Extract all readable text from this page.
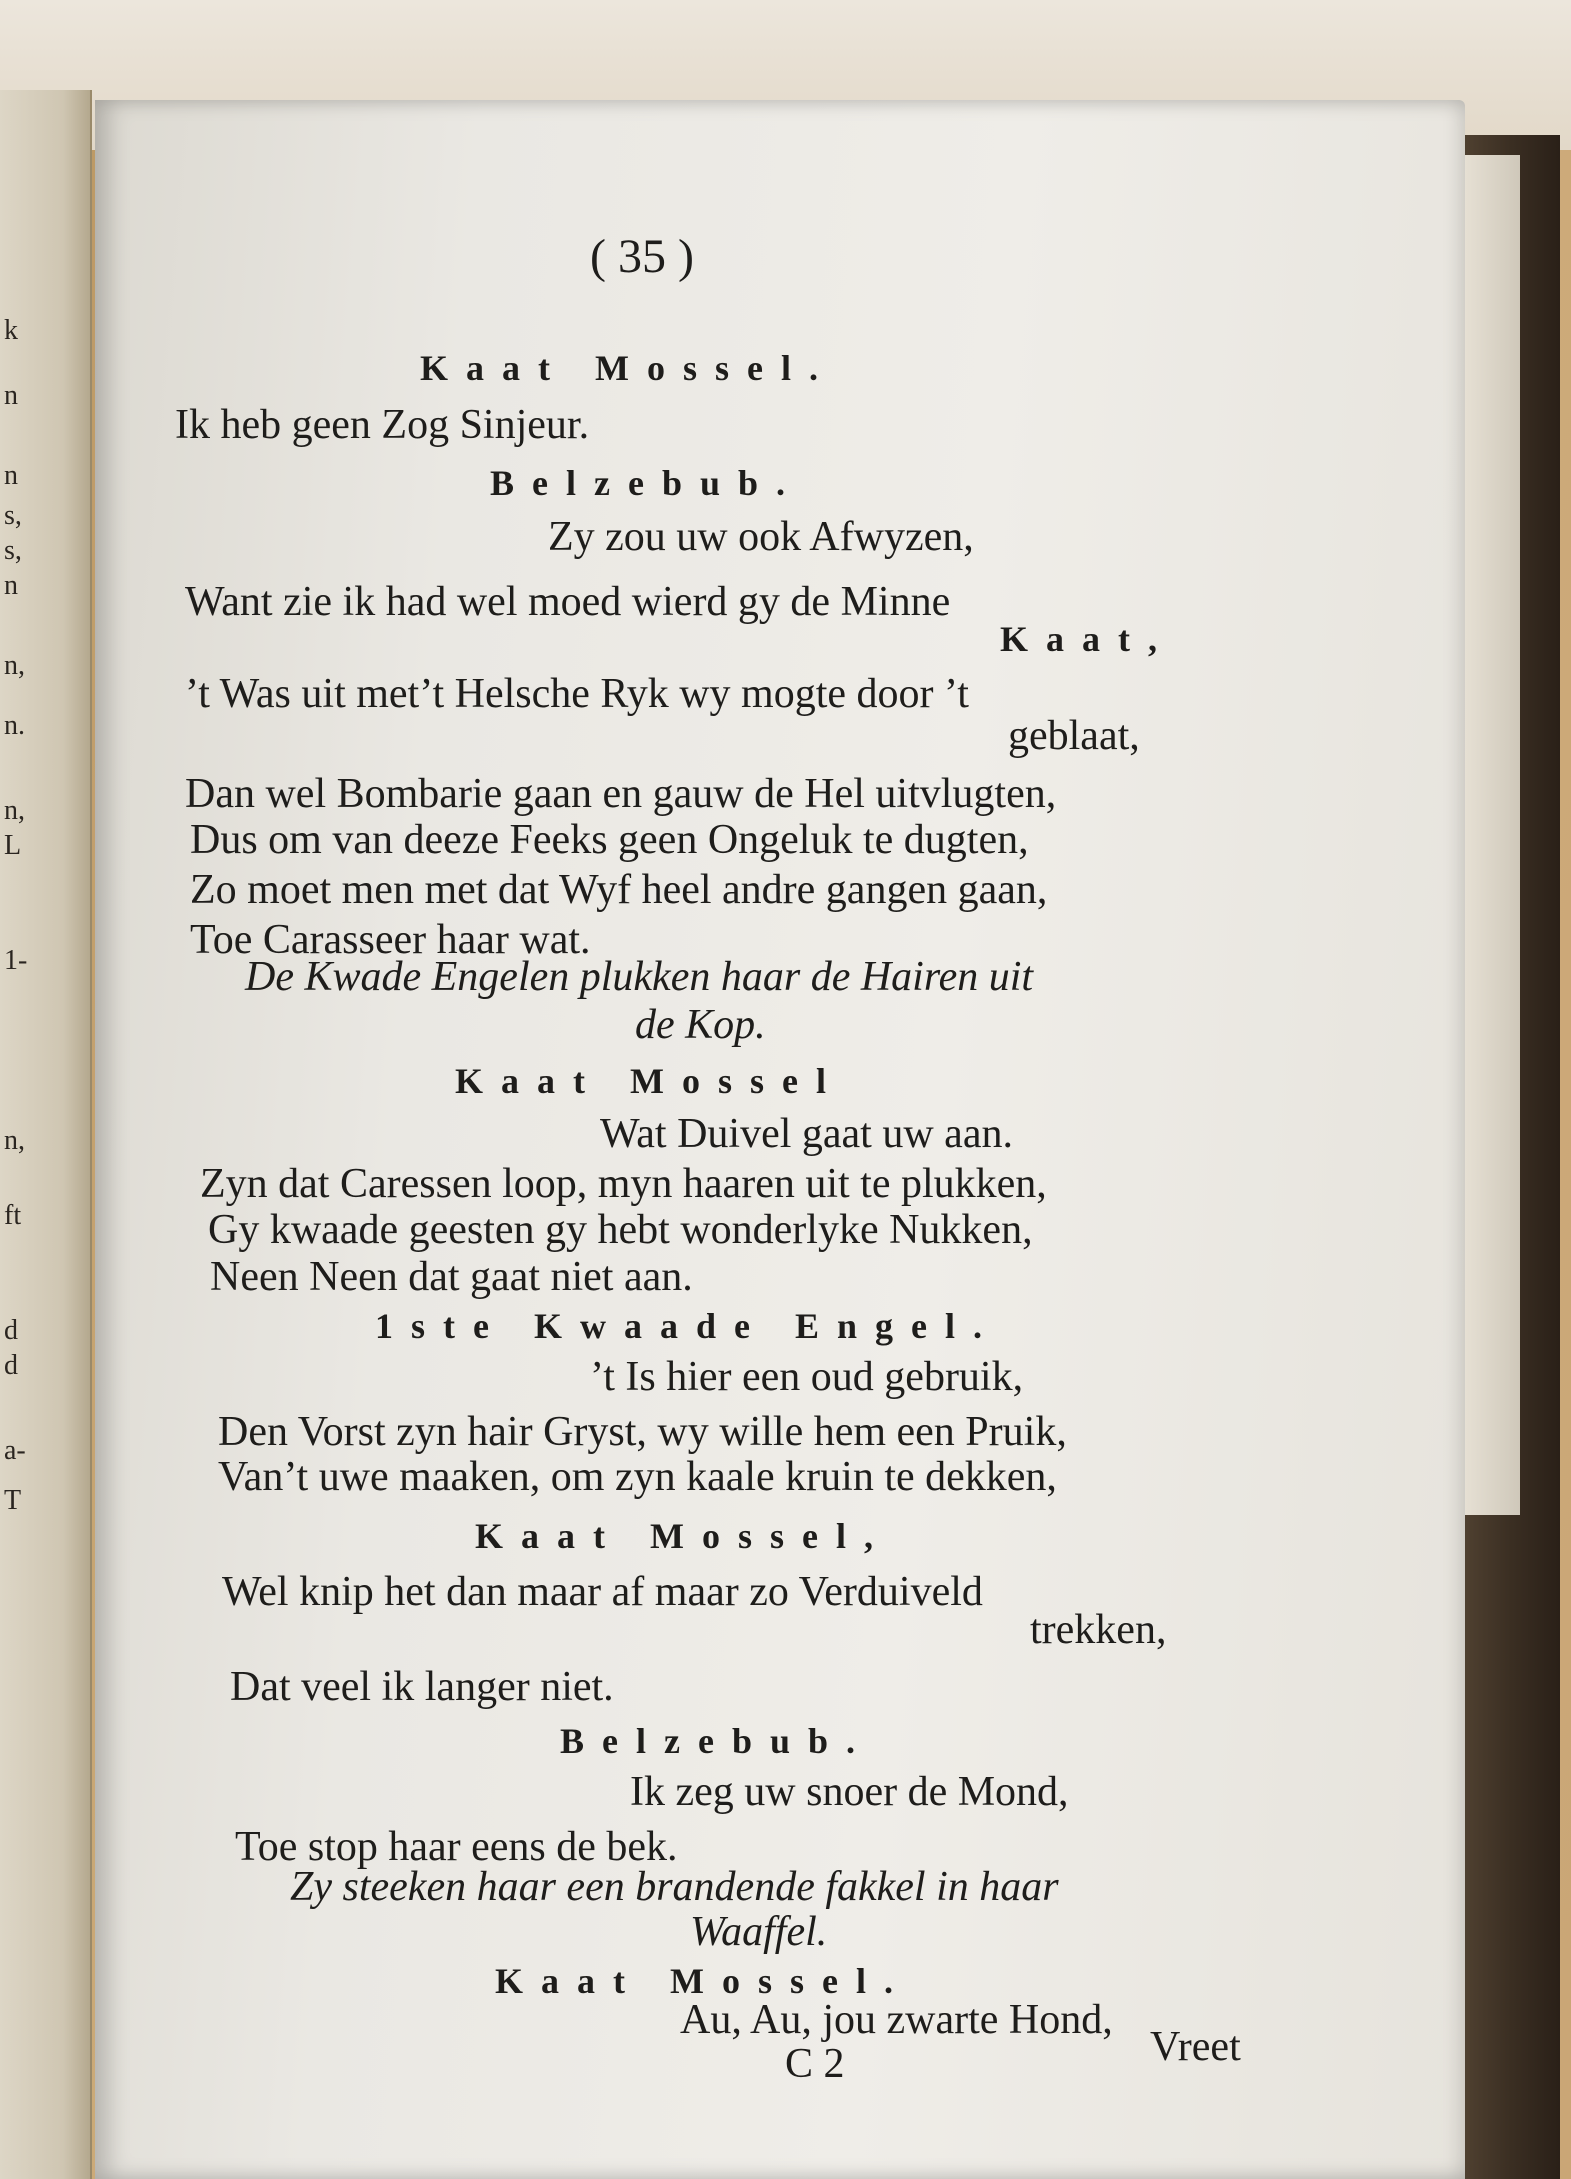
k
n
n
s,
s,
n
n,
n.
n,
L
1-
n,
ft
d
d
a-
T
( 35 )
Kaat Mossel.
Ik heb geen Zog Sinjeur.
Belzebub.
Zy zou uw ook Afwyzen,
Want zie ik had wel moed wierd gy de Minne
Kaat,
’t Was uit met’t Helsche Ryk wy mogte door ’t
geblaat,
Dan wel Bombarie gaan en gauw de Hel uitvlugten,
Dus om van deeze Feeks geen Ongeluk te dugten,
Zo moet men met dat Wyf heel andre gangen gaan,
Toe Carasseer haar wat.
De Kwade Engelen plukken haar de Hairen uit
de Kop.
Kaat Mossel
Wat Duivel gaat uw aan.
Zyn dat Caressen loop, myn haaren uit te plukken,
Gy kwaade geesten gy hebt wonderlyke Nukken,
Neen Neen dat gaat niet aan.
1ste Kwaade Engel.
’t Is hier een oud gebruik,
Den Vorst zyn hair Gryst, wy wille hem een Pruik,
Van’t uwe maaken, om zyn kaale kruin te dekken,
Kaat Mossel,
Wel knip het dan maar af maar zo Verduiveld
trekken,
Dat veel ik langer niet.
Belzebub.
Ik zeg uw snoer de Mond,
Toe stop haar eens de bek.
Zy steeken haar een brandende fakkel in haar
Waaffel.
Kaat Mossel.
Au, Au, jou zwarte Hond,
C 2	Vreet
